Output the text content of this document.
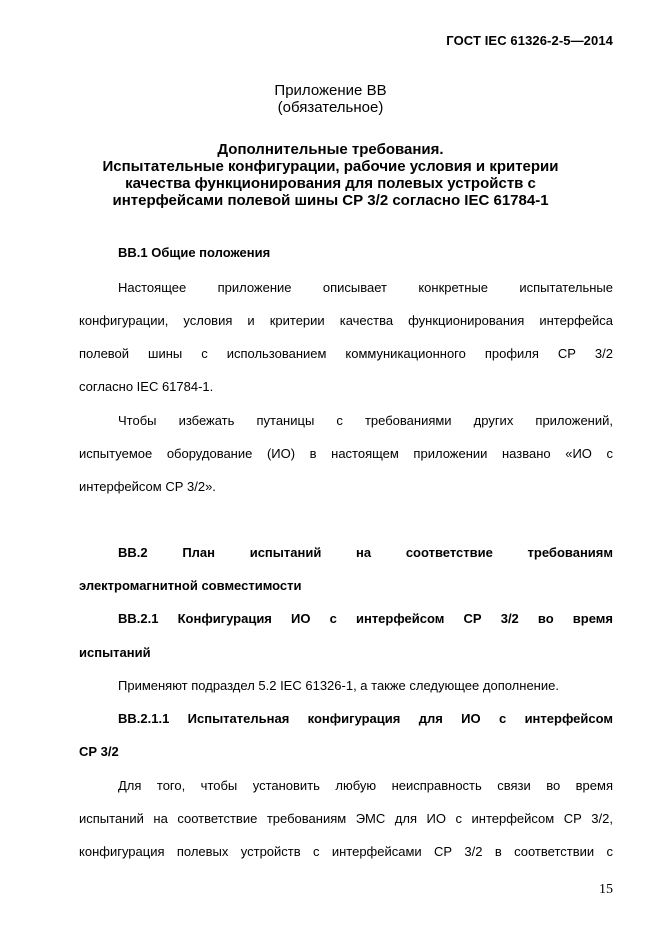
ГОСТ IEC 61326-2-5—2014
Приложение ВВ
(обязательное)
Дополнительные требования.
Испытательные конфигурации, рабочие условия и критерии
качества функционирования для полевых устройств с
интерфейсами полевой шины СР 3/2 согласно IEC 61784-1
ВВ.1 Общие положения
Настоящее приложение описывает конкретные испытательные
конфигурации, условия и критерии качества функционирования интерфейса
полевой шины с использованием коммуникационного профиля СР 3/2
согласно IEC 61784-1.
Чтобы избежать путаницы с требованиями других приложений,
испытуемое оборудование (ИО) в настоящем приложении названо «ИО с
интерфейсом СР 3/2».
ВВ.2 План испытаний на соответствие требованиям
электромагнитной совместимости
ВВ.2.1 Конфигурация ИО с интерфейсом СР 3/2 во время
испытаний
Применяют подраздел 5.2 IEC 61326-1, а также следующее дополнение.
ВВ.2.1.1 Испытательная конфигурация для ИО с интерфейсом
СР 3/2
Для того, чтобы установить любую неисправность связи во время
испытаний на соответствие требованиям ЭМС для ИО с интерфейсом СР 3/2,
конфигурация полевых устройств с интерфейсами СР 3/2 в соответствии с
15
